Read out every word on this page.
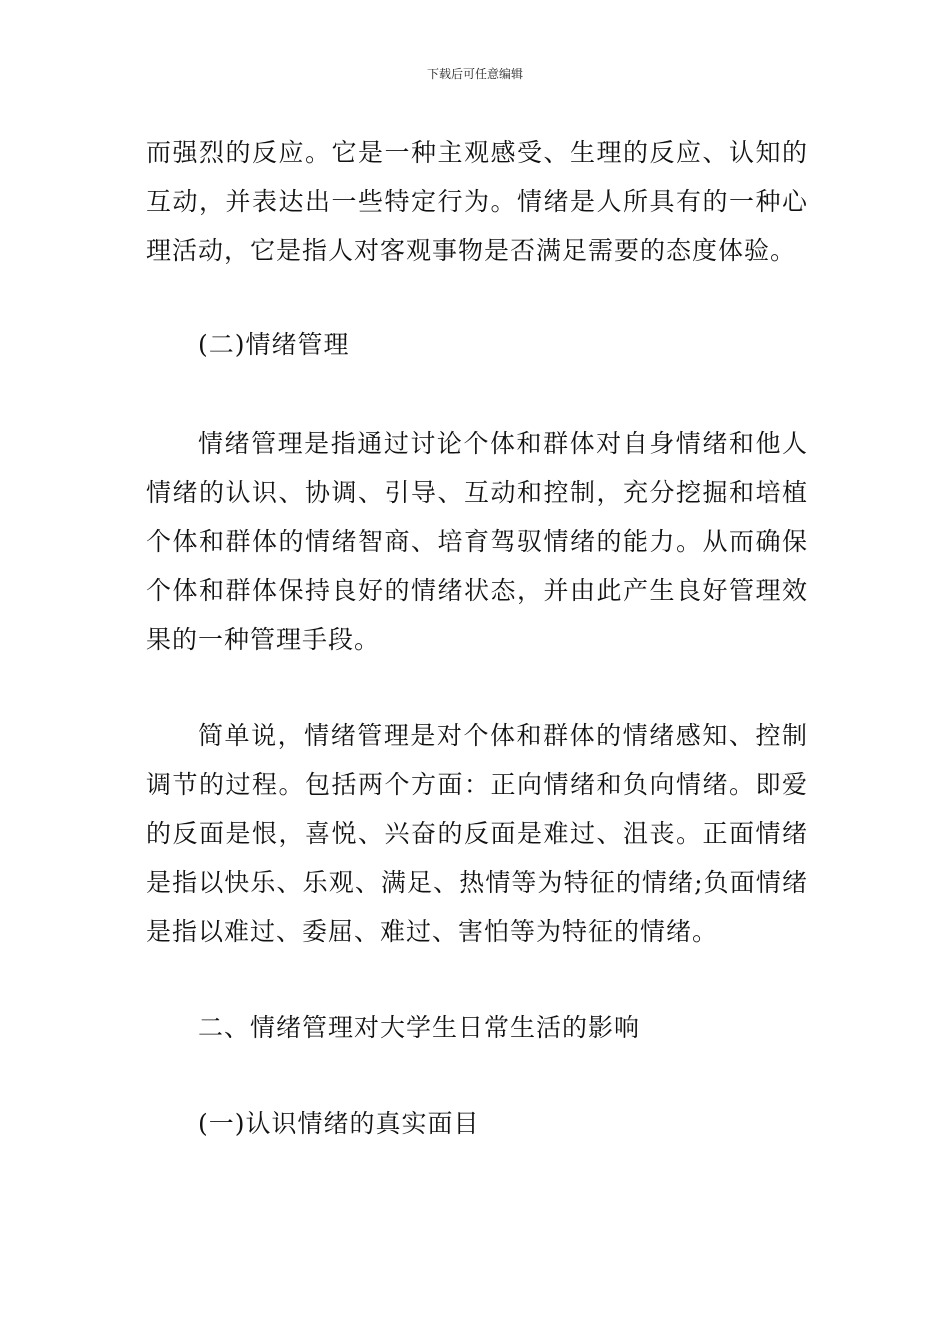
下载后可任意编辑

而强烈的反应。它是一种主观感受、生理的反应、认知的互动，并表达出一些特定行为。情绪是人所具有的一种心理活动，它是指人对客观事物是否满足需要的态度体验。

(二)情绪管理

情绪管理是指通过讨论个体和群体对自身情绪和他人情绪的认识、协调、引导、互动和控制，充分挖掘和培植个体和群体的情绪智商、培育驾驭情绪的能力。从而确保个体和群体保持良好的情绪状态，并由此产生良好管理效果的一种管理手段。

简单说，情绪管理是对个体和群体的情绪感知、控制调节的过程。包括两个方面：正向情绪和负向情绪。即爱的反面是恨，喜悦、兴奋的反面是难过、沮丧。正面情绪是指以快乐、乐观、满足、热情等为特征的情绪;负面情绪是指以难过、委屈、难过、害怕等为特征的情绪。

二、情绪管理对大学生日常生活的影响

(一)认识情绪的真实面目
